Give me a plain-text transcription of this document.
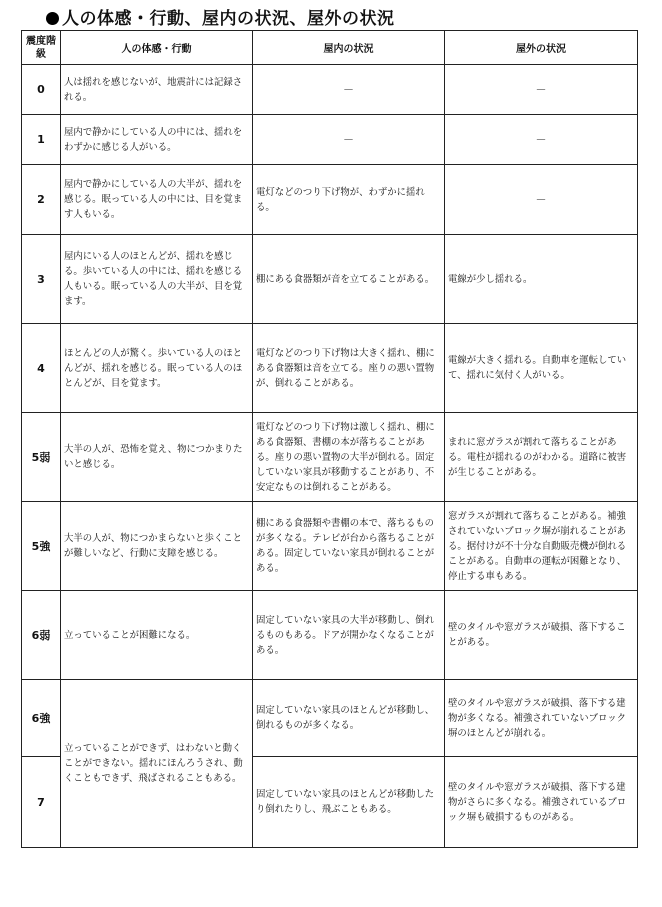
人の体感・行動、屋内の状況、屋外の状況
震度階級	人の体感・行動	屋内の状況	屋外の状況
0	人は揺れを感じないが、地震計には記録される。	－	－
1	屋内で静かにしている人の中には、揺れをわずかに感じる人がいる。	－	－
2	屋内で静かにしている人の大半が、揺れを感じる。眠っている人の中には、目を覚ます人もいる。	電灯などのつり下げ物が、わずかに揺れる。	－
3	屋内にいる人のほとんどが、揺れを感じる。歩いている人の中には、揺れを感じる人もいる。眠っている人の大半が、目を覚ます。	棚にある食器類が音を立てることがある。	電線が少し揺れる。
4	ほとんどの人が驚く。歩いている人のほとんどが、揺れを感じる。眠っている人のほとんどが、目を覚ます。	電灯などのつり下げ物は大きく揺れ、棚にある食器類は音を立てる。座りの悪い置物が、倒れることがある。	電線が大きく揺れる。自動車を運転していて、揺れに気付く人がいる。
5弱	大半の人が、恐怖を覚え、物につかまりたいと感じる。	電灯などのつり下げ物は激しく揺れ、棚にある食器類、書棚の本が落ちることがある。座りの悪い置物の大半が倒れる。固定していない家具が移動することがあり、不安定なものは倒れることがある。	まれに窓ガラスが割れて落ちることがある。電柱が揺れるのがわかる。道路に被害が生じることがある。
5強	大半の人が、物につかまらないと歩くことが難しいなど、行動に支障を感じる。	棚にある食器類や書棚の本で、落ちるものが多くなる。テレビが台から落ちることがある。固定していない家具が倒れることがある。	窓ガラスが割れて落ちることがある。補強されていないブロック塀が崩れることがある。据付けが不十分な自動販売機が倒れることがある。自動車の運転が困難となり、停止する車もある。
6弱	立っていることが困難になる。	固定していない家具の大半が移動し、倒れるものもある。ドアが開かなくなることがある。	壁のタイルや窓ガラスが破損、落下することがある。
6強	立っていることができず、はわないと動くことができない。揺れにほんろうされ、動くこともできず、飛ばされることもある。	固定していない家具のほとんどが移動し、倒れるものが多くなる。	壁のタイルや窓ガラスが破損、落下する建物が多くなる。補強されていないブロック塀のほとんどが崩れる。
7		固定していない家具のほとんどが移動したり倒れたりし、飛ぶこともある。	壁のタイルや窓ガラスが破損、落下する建物がさらに多くなる。補強されているブロック塀も破損するものがある。
